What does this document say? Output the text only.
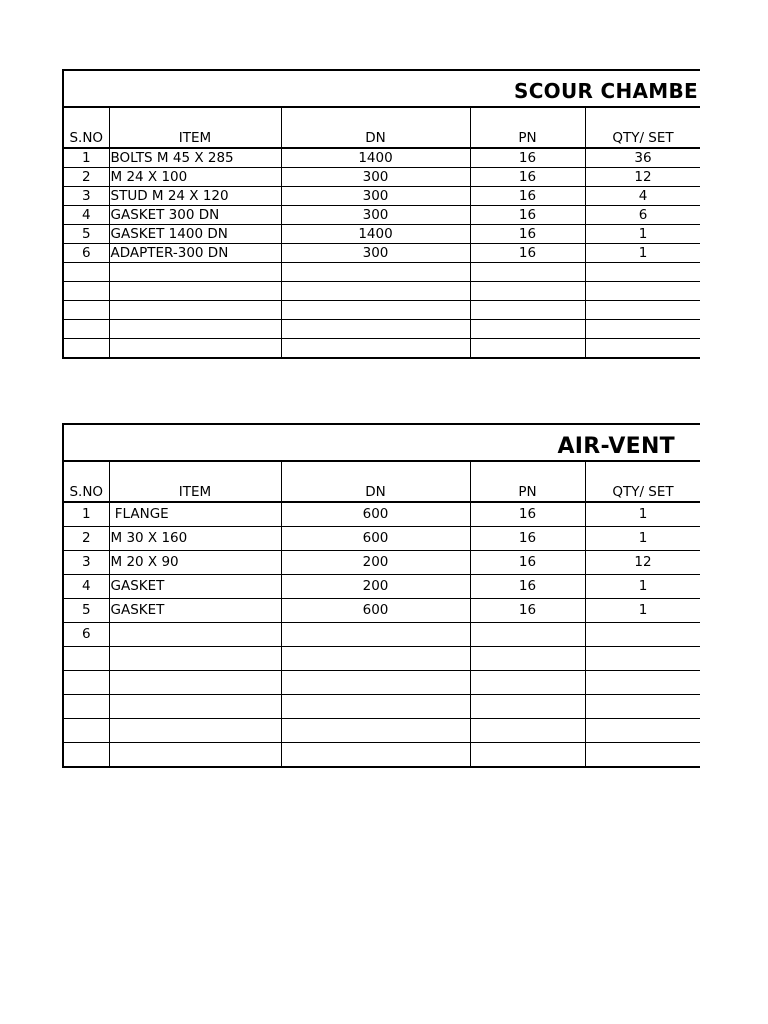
SCOUR CHAMBE
S.NO	ITEM	DN	PN	QTY/ SET
1	BOLTS M 45 X 285	1400	16	36
2	M 24 X 100	300	16	12
3	STUD M 24 X 120	300	16	4
4	GASKET 300 DN	300	16	6
5	GASKET 1400 DN	1400	16	1
6	ADAPTER-300 DN	300	16	1

AIR-VENT
S.NO	ITEM	DN	PN	QTY/ SET
1	FLANGE	600	16	1
2	M 30 X 160	600	16	1
3	M 20 X 90	200	16	12
4	GASKET	200	16	1
5	GASKET	600	16	1
6				
